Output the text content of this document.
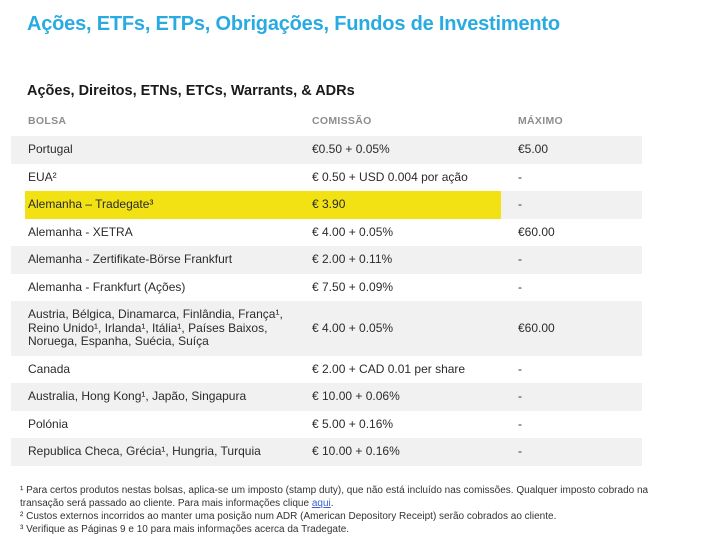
Ações, ETFs, ETPs, Obrigações, Fundos de Investimento
Ações, Direitos, ETNs, ETCs, Warrants, & ADRs
BOLSA	COMISSÃO	MÁXIMO
Portugal	€0.50 + 0.05%	€5.00
EUA²	€ 0.50 + USD 0.004 por ação	-
Alemanha – Tradegate³	€ 3.90	-
Alemanha - XETRA	€ 4.00 + 0.05%	€60.00
Alemanha - Zertifikate-Börse Frankfurt	€ 2.00 + 0.11%	-
Alemanha - Frankfurt (Ações)	€ 7.50 + 0.09%	-
Austria, Bélgica, Dinamarca, Finlândia, França¹, Reino Unido¹, Irlanda¹, Itália¹, Países Baixos, Noruega, Espanha, Suécia, Suíça	€ 4.00 + 0.05%	€60.00
Canada	€ 2.00 + CAD 0.01 per share	-
Australia, Hong Kong¹, Japão, Singapura	€ 10.00 + 0.06%	-
Polónia	€ 5.00 + 0.16%	-
Republica Checa, Grécia¹, Hungria, Turquia	€ 10.00 + 0.16%	-

¹ Para certos produtos nestas bolsas, aplica-se um imposto (stamp duty), que não está incluído nas comissões. Qualquer imposto cobrado na
transação será passado ao cliente. Para mais informações clique aqui.

² Custos externos incorridos ao manter uma posição num ADR (American Depository Receipt) serão cobrados ao cliente.

³ Verifique as Páginas 9 e 10 para mais informações acerca da Tradegate.
